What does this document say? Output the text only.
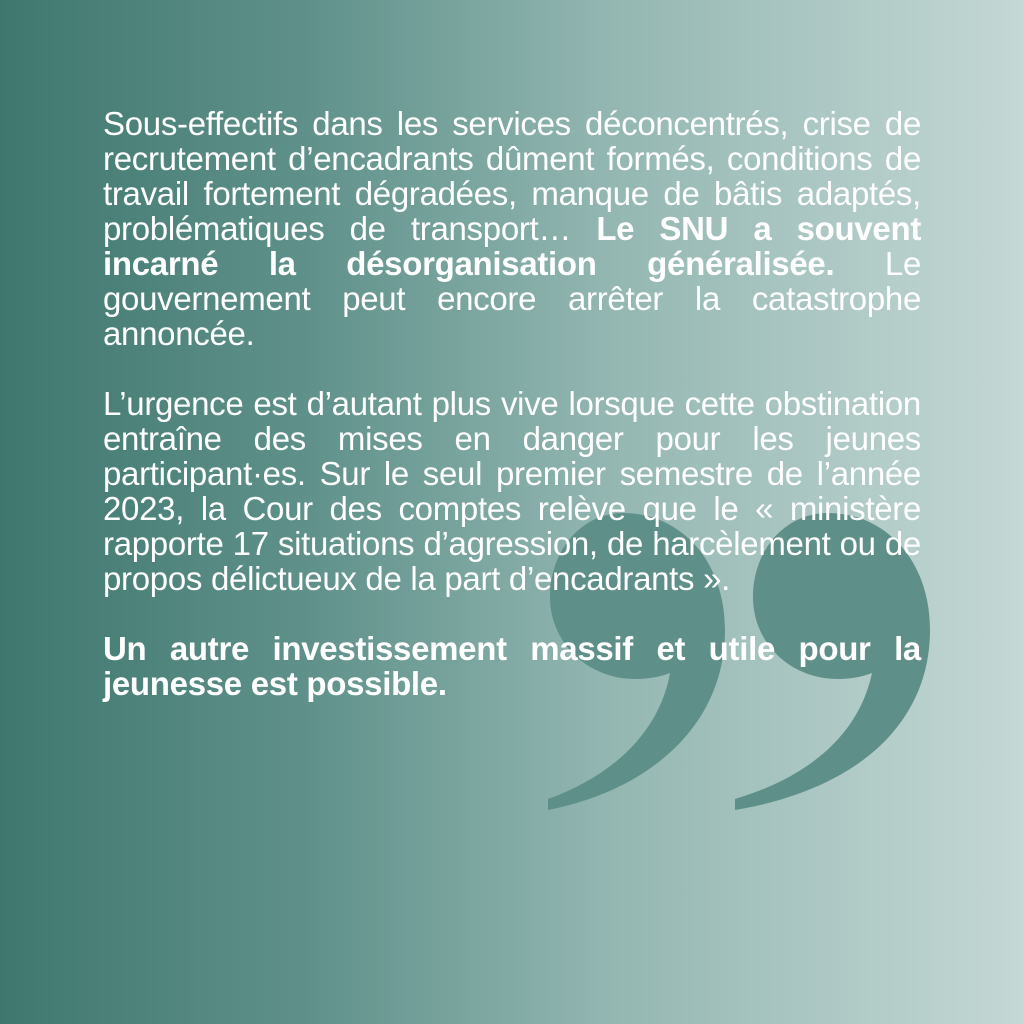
Sous-effectifs dans les services déconcentrés, crise de recrutement d’encadrants dûment formés, conditions de travail fortement dégradées, manque de bâtis adaptés, problématiques de transport… Le SNU a souvent incarné la désorganisation généralisée. Le gouvernement peut encore arrêter la catastrophe annoncée.

L’urgence est d’autant plus vive lorsque cette obstination entraîne des mises en danger pour les jeunes participant·es. Sur le seul premier semestre de l’année 2023, la Cour des comptes relève que le « ministère rapporte 17 situations d’agression, de harcèlement ou de propos délictueux de la part d’encadrants ».

Un autre investissement massif et utile pour la jeunesse est possible.
